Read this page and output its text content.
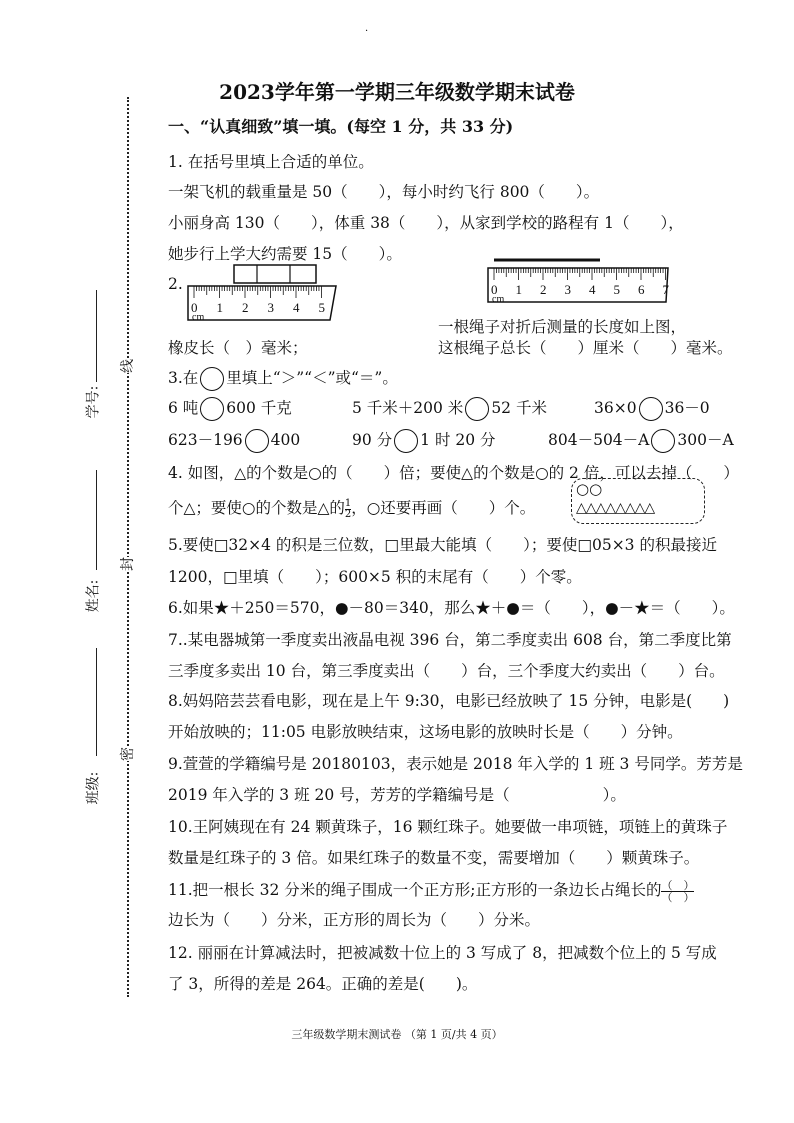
·
2023学年第一学期三年级数学期末试卷
学号:
姓名:
班级:
线
封
密
一、“认真细致”填一填。(每空 1 分，共 33 分)
1. 在括号里填上合适的单位。
一架飞机的载重量是 50（　　），每小时约飞行 800（　　）。
小丽身高 130（　　），体重 38（　　），从家到学校的路程有 1（　　），
她步行上学大约需要 15（　　）。
2.
0 1 2 3 4 5
cm
0 1 2 3 4 5 6 7
cm
橡皮长（　）毫米；
一根绳子对折后测量的长度如上图，
这根绳子总长（　　）厘米（　　）毫米。
3.在 里填上“＞”“＜”或“＝”。
6 吨 600 千克	5 千米＋200 米 52 千米	36×0 36－0
623－196 400	90 分 1 时 20 分	804－504－A 300－A
4. 如图，△的个数是○的（　　）倍；要使△的个数是○的 2 倍，可以去掉（　　）
个△；要使○的个数是△的 $\frac{1}{2}$ ，○还要再画（　　）个。
○○
△△△△△△△△
5.要使□32×4 的积是三位数，□里最大能填（　　）；要使□05×3 的积最接近
1200，□里填（　　）；600×5 积的末尾有（　　）个零。
6.如果★＋250＝570，●－80＝340，那么★＋●＝（　　），●－★＝（　　）。
7..某电器城第一季度卖出液晶电视 396 台，第二季度卖出 608 台，第二季度比第
三季度多卖出 10 台，第三季度卖出（　　）台，三个季度大约卖出（　　）台。
8.妈妈陪芸芸看电影，现在是上午 9:30，电影已经放映了 15 分钟，电影是(　　)
开始放映的；11:05 电影放映结束，这场电影的放映时长是（　　）分钟。
9.萱萱的学籍编号是 20180103，表示她是 2018 年入学的 1 班 3 号同学。芳芳是
2019 年入学的 3 班 20 号，芳芳的学籍编号是（　　　　　　）。
10.王阿姨现在有 24 颗黄珠子，16 颗红珠子。她要做一串项链，项链上的黄珠子
数量是红珠子的 3 倍。如果红珠子的数量不变，需要增加（　　）颗黄珠子。
11.把一根长 32 分米的绳子围成一个正方形;正方形的一条边长占绳长的 $\frac{( )}{( )}$
边长为（　　）分米，正方形的周长为（　　）分米。
12. 丽丽在计算减法时，把被减数十位上的 3 写成了 8，把减数个位上的 5 写成
了 3，所得的差是 264。正确的差是(　　)。
三年级数学期末测试卷 （第 1 页/共 4 页）
